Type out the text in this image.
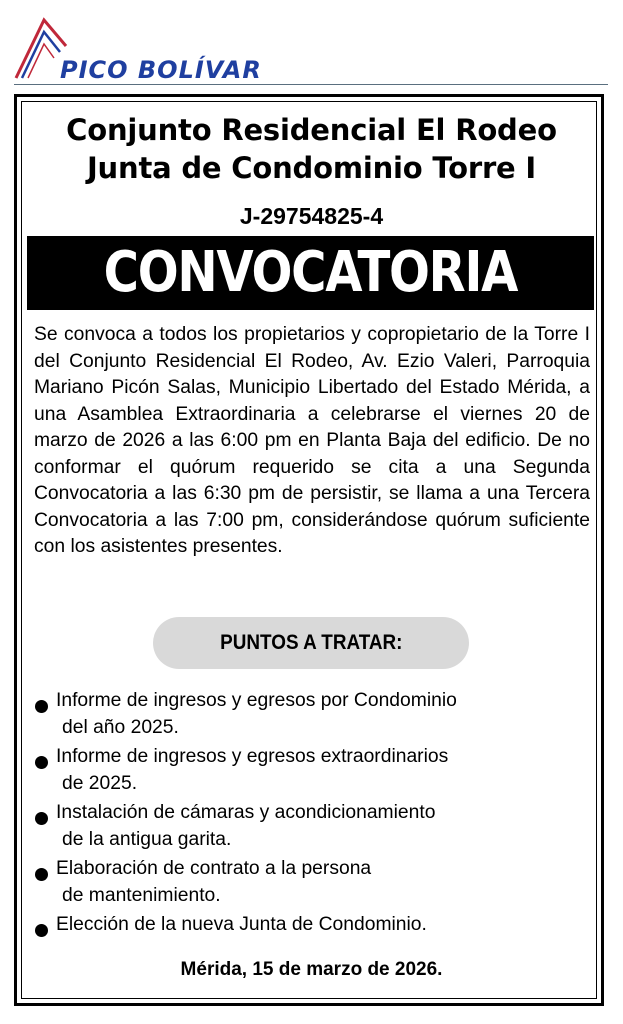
PICO BOLÍVAR
Conjunto Residencial El Rodeo
Junta de Condominio Torre I
J-29754825-4
CONVOCATORIA
Se convoca a todos los propietarios y copropietario de la Torre I del Conjunto Residencial El Rodeo, Av. Ezio Valeri, Parroquia Mariano Picón Salas, Municipio Libertado del Estado Mérida, a una Asamblea Extraordinaria a celebrarse el viernes 20 de marzo de 2026 a las 6:00 pm en Planta Baja del edificio. De no conformar el quórum requerido se cita a una Segunda Convocatoria a las 6:30 pm de persistir, se llama a una Tercera Convocatoria a las 7:00 pm, considerándose quórum suficiente con los asistentes presentes.
PUNTOS A TRATAR:
Informe de ingresos y egresos por Condominio
del año 2025.
Informe de ingresos y egresos extraordinarios
de 2025.
Instalación de cámaras y acondicionamiento
de la antigua garita.
Elaboración de contrato a la persona
de mantenimiento.
Elección de la nueva Junta de Condominio.
Mérida, 15 de marzo de 2026.
